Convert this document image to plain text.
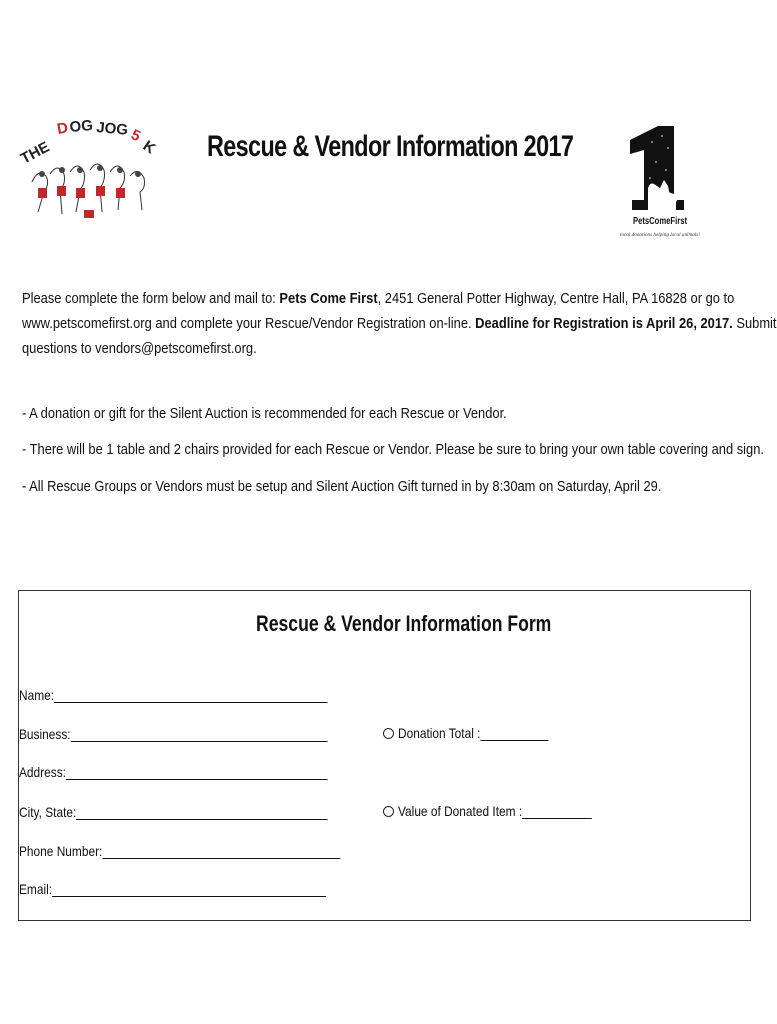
THE
D OG JOG 5
K Rescue & Vendor Information 2017
PetsComeFirst
local donations helping local animals!
Please complete the form below and mail to: Pets Come First, 2451 General Potter Highway, Centre Hall, PA 16828 or go to
www.petscomefirst.org and complete your Rescue/Vendor Registration on-line. Deadline for Registration is April 26, 2017. Submit
questions to vendors@petscomefirst.org.
- A donation or gift for the Silent Auction is recommended for each Rescue or Vendor.
- There will be 1 table and 2 chairs provided for each Rescue or Vendor. Please be sure to bring your own table covering and sign.
- All Rescue Groups or Vendors must be setup and Silent Auction Gift turned in by 8:30am on Saturday, April 29.
Rescue & Vendor Information Form
Name:
Business:
Address:
City, State:
Phone Number:
Email:
Donation Total :
Value of Donated Item :
